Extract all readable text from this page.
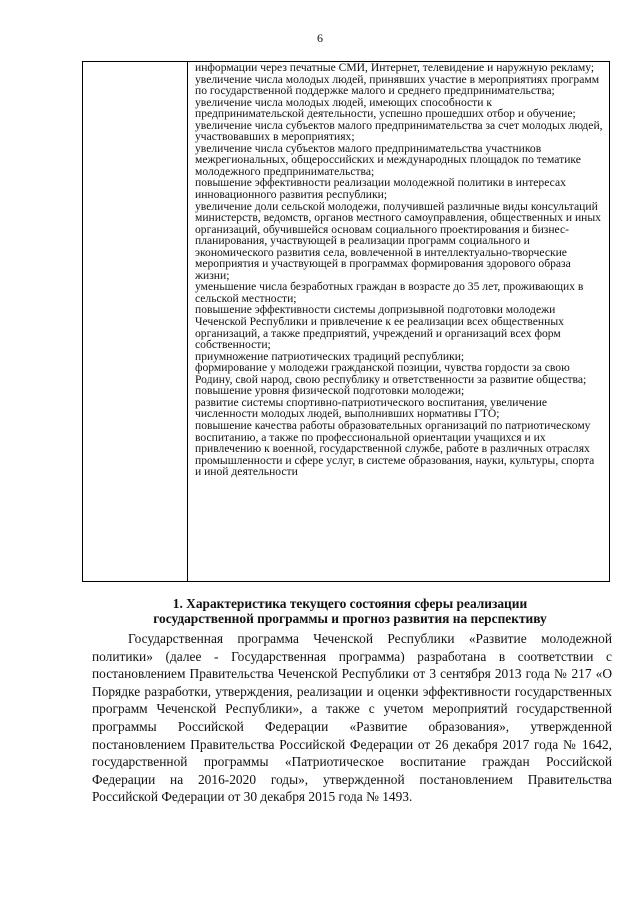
6

информации через печатные СМИ, Интернет, телевидение и наружную рекламу;

увеличение числа молодых людей, принявших участие в мероприятиях программ по государственной поддержке малого и среднего предпринимательства;

увеличение числа молодых людей, имеющих способности к предпринимательской деятельности, успешно прошедших отбор и обучение;

увеличение числа субъектов малого предпринимательства за счет молодых людей, участвовавших в мероприятиях;

увеличение числа субъектов малого предпринимательства участников межрегиональных, общероссийских и международных площадок по тематике молодежного предпринимательства;

повышение эффективности реализации молодежной политики в интересах инновационного развития республики;

увеличение доли сельской молодежи, получившей различные виды консультаций министерств, ведомств, органов местного самоуправления, общественных и иных организаций, обучившейся основам социального проектирования и бизнес-планирования, участвующей в реализации программ социального и экономического развития села, вовлеченной в интеллектуально-творческие мероприятия и участвующей в программах формирования здорового образа жизни;

уменьшение числа безработных граждан в возрасте до 35 лет, проживающих в сельской местности;

повышение эффективности системы допризывной подготовки молодежи Чеченской Республики и привлечение к ее реализации всех общественных организаций, а также предприятий, учреждений и организаций всех форм собственности;

приумножение патриотических традиций республики;

формирование у молодежи гражданской позиции, чувства гордости за свою Родину, свой народ, свою республику и ответственности за развитие общества;

повышение уровня физической подготовки молодежи;

развитие системы спортивно-патриотического воспитания, увеличение численности молодых людей, выполнивших нормативы ГТО;

повышение качества работы образовательных организаций по патриотическому воспитанию, а также по профессиональной ориентации учащихся и их привлечению к военной, государственной службе, работе в различных отраслях промышленности и сфере услуг, в системе образования, науки, культуры, спорта и иной деятельности

1. Характеристика текущего состояния сферы реализации
государственной программы и прогноз развития на перспективу

Государственная программа Чеченской Республики «Развитие молодежной политики» (далее - Государственная программа) разработана в соответствии с постановлением Правительства Чеченской Республики от 3 сентября 2013 года № 217 «О Порядке разработки, утверждения, реализации и оценки эффективности государственных программ Чеченской Республики», а также с учетом мероприятий государственной программы Российской Федерации «Развитие образования», утвержденной постановлением Правительства Российской Федерации от 26 декабря 2017 года № 1642, государственной программы «Патриотическое воспитание граждан Российской Федерации на 2016-2020 годы», утвержденной постановлением Правительства Российской Федерации от 30 декабря 2015 года № 1493.
